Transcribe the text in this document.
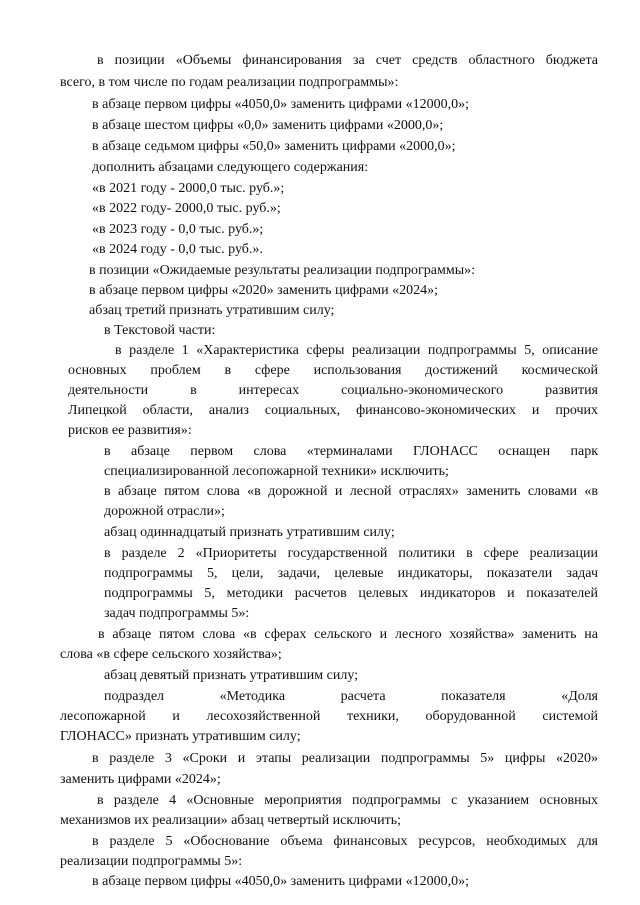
в позиции «Объемы финансирования за счет средств областного бюджета
всего, в том числе по годам реализации подпрограммы»:
в абзаце первом цифры «4050,0» заменить цифрами «12000,0»;
в абзаце шестом цифры «0,0» заменить цифрами «2000,0»;
в абзаце седьмом цифры «50,0» заменить цифрами «2000,0»;
дополнить абзацами следующего содержания:
«в 2021 году - 2000,0 тыс. руб.»;
«в 2022 году- 2000,0 тыс. руб.»;
«в 2023 году - 0,0 тыс. руб.»;
«в 2024 году - 0,0 тыс. руб.».
в позиции «Ожидаемые результаты реализации подпрограммы»:
в абзаце первом цифры «2020» заменить цифрами «2024»;
абзац третий признать утратившим силу;
в Текстовой части:
в разделе 1 «Характеристика сферы реализации подпрограммы 5, описание
основных проблем в сфере использования достижений космической
деятельности в интересах социально-экономического развития
Липецкой области, анализ социальных, финансово-экономических и прочих
рисков ее развития»:
в абзаце первом слова «терминалами ГЛОНАСС оснащен парк
специализированной лесопожарной техники» исключить;
в абзаце пятом слова «в дорожной и лесной отраслях» заменить словами «в
дорожной отрасли»;
абзац одиннадцатый признать утратившим силу;
в разделе 2 «Приоритеты государственной политики в сфере реализации
подпрограммы 5, цели, задачи, целевые индикаторы, показатели задач
подпрограммы 5, методики расчетов целевых индикаторов и показателей
задач подпрограммы 5»:
в абзаце пятом слова «в сферах сельского и лесного хозяйства» заменить на
слова «в сфере сельского хозяйства»;
абзац девятый признать утратившим силу;
подраздел «Методика расчета показателя «Доля
лесопожарной и лесохозяйственной техники, оборудованной системой
ГЛОНАСС» признать утратившим силу;
в разделе 3 «Сроки и этапы реализации подпрограммы 5» цифры «2020»
заменить цифрами «2024»;
в разделе 4 «Основные мероприятия подпрограммы с указанием основных
механизмов их реализации» абзац четвертый исключить;
в разделе 5 «Обоснование объема финансовых ресурсов, необходимых для
реализации подпрограммы 5»:
в абзаце первом цифры «4050,0» заменить цифрами «12000,0»;
